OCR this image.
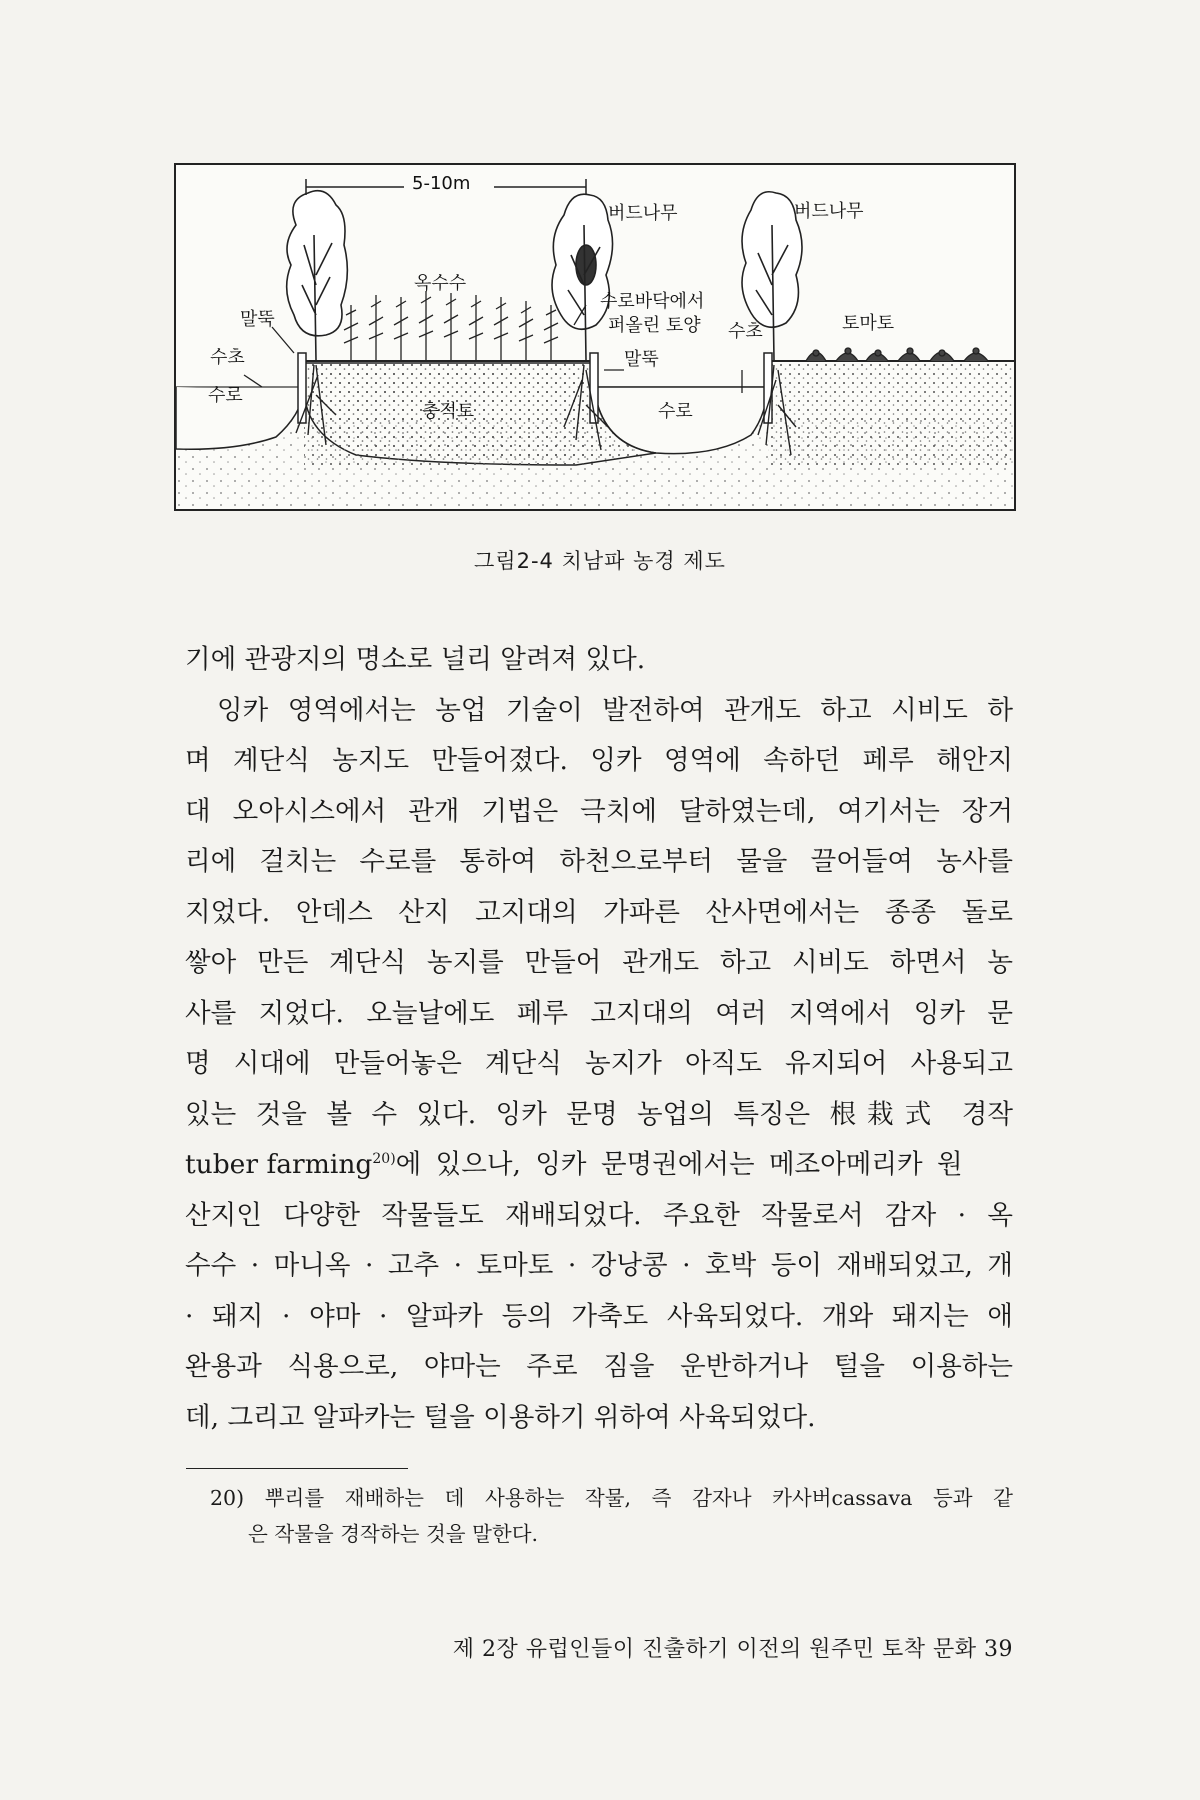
5-10m
버드나무	버드나무
옥수수
수로바닥에서
퍼올린 토양
말뚝
말뚝
수초
수초
수로
수로
충적토
토마토
그림2-4 치남파 농경 제도
기에 관광지의 명소로 널리 알려져 있다.
잉카 영역에서는 농업 기술이 발전하여 관개도 하고 시비도 하
며 계단식 농지도 만들어졌다. 잉카 영역에 속하던 페루 해안지
대 오아시스에서 관개 기법은 극치에 달하였는데, 여기서는 장거
리에 걸치는 수로를 통하여 하천으로부터 물을 끌어들여 농사를
지었다. 안데스 산지 고지대의 가파른 산사면에서는 종종 돌로
쌓아 만든 계단식 농지를 만들어 관개도 하고 시비도 하면서 농
사를 지었다. 오늘날에도 페루 고지대의 여러 지역에서 잉카 문
명 시대에 만들어놓은 계단식 농지가 아직도 유지되어 사용되고
있는 것을 볼 수 있다. 잉카 문명 농업의 특징은 根栽式 경작
tuber farming$^{20)}$에 있으나, 잉카 문명권에서는 메조아메리카 원
산지인 다양한 작물들도 재배되었다. 주요한 작물로서 감자 · 옥
수수 · 마니옥 · 고추 · 토마토 · 강낭콩 · 호박 등이 재배되었고, 개
· 돼지 · 야마 · 알파카 등의 가축도 사육되었다. 개와 돼지는 애
완용과 식용으로, 야마는 주로 짐을 운반하거나 털을 이용하는
데, 그리고 알파카는 털을 이용하기 위하여 사육되었다.
20) 뿌리를 재배하는 데 사용하는 작물, 즉 감자나 카사버cassava 등과 같
은 작물을 경작하는 것을 말한다.
제 2장 유럽인들이 진출하기 이전의 원주민 토착 문화 39
